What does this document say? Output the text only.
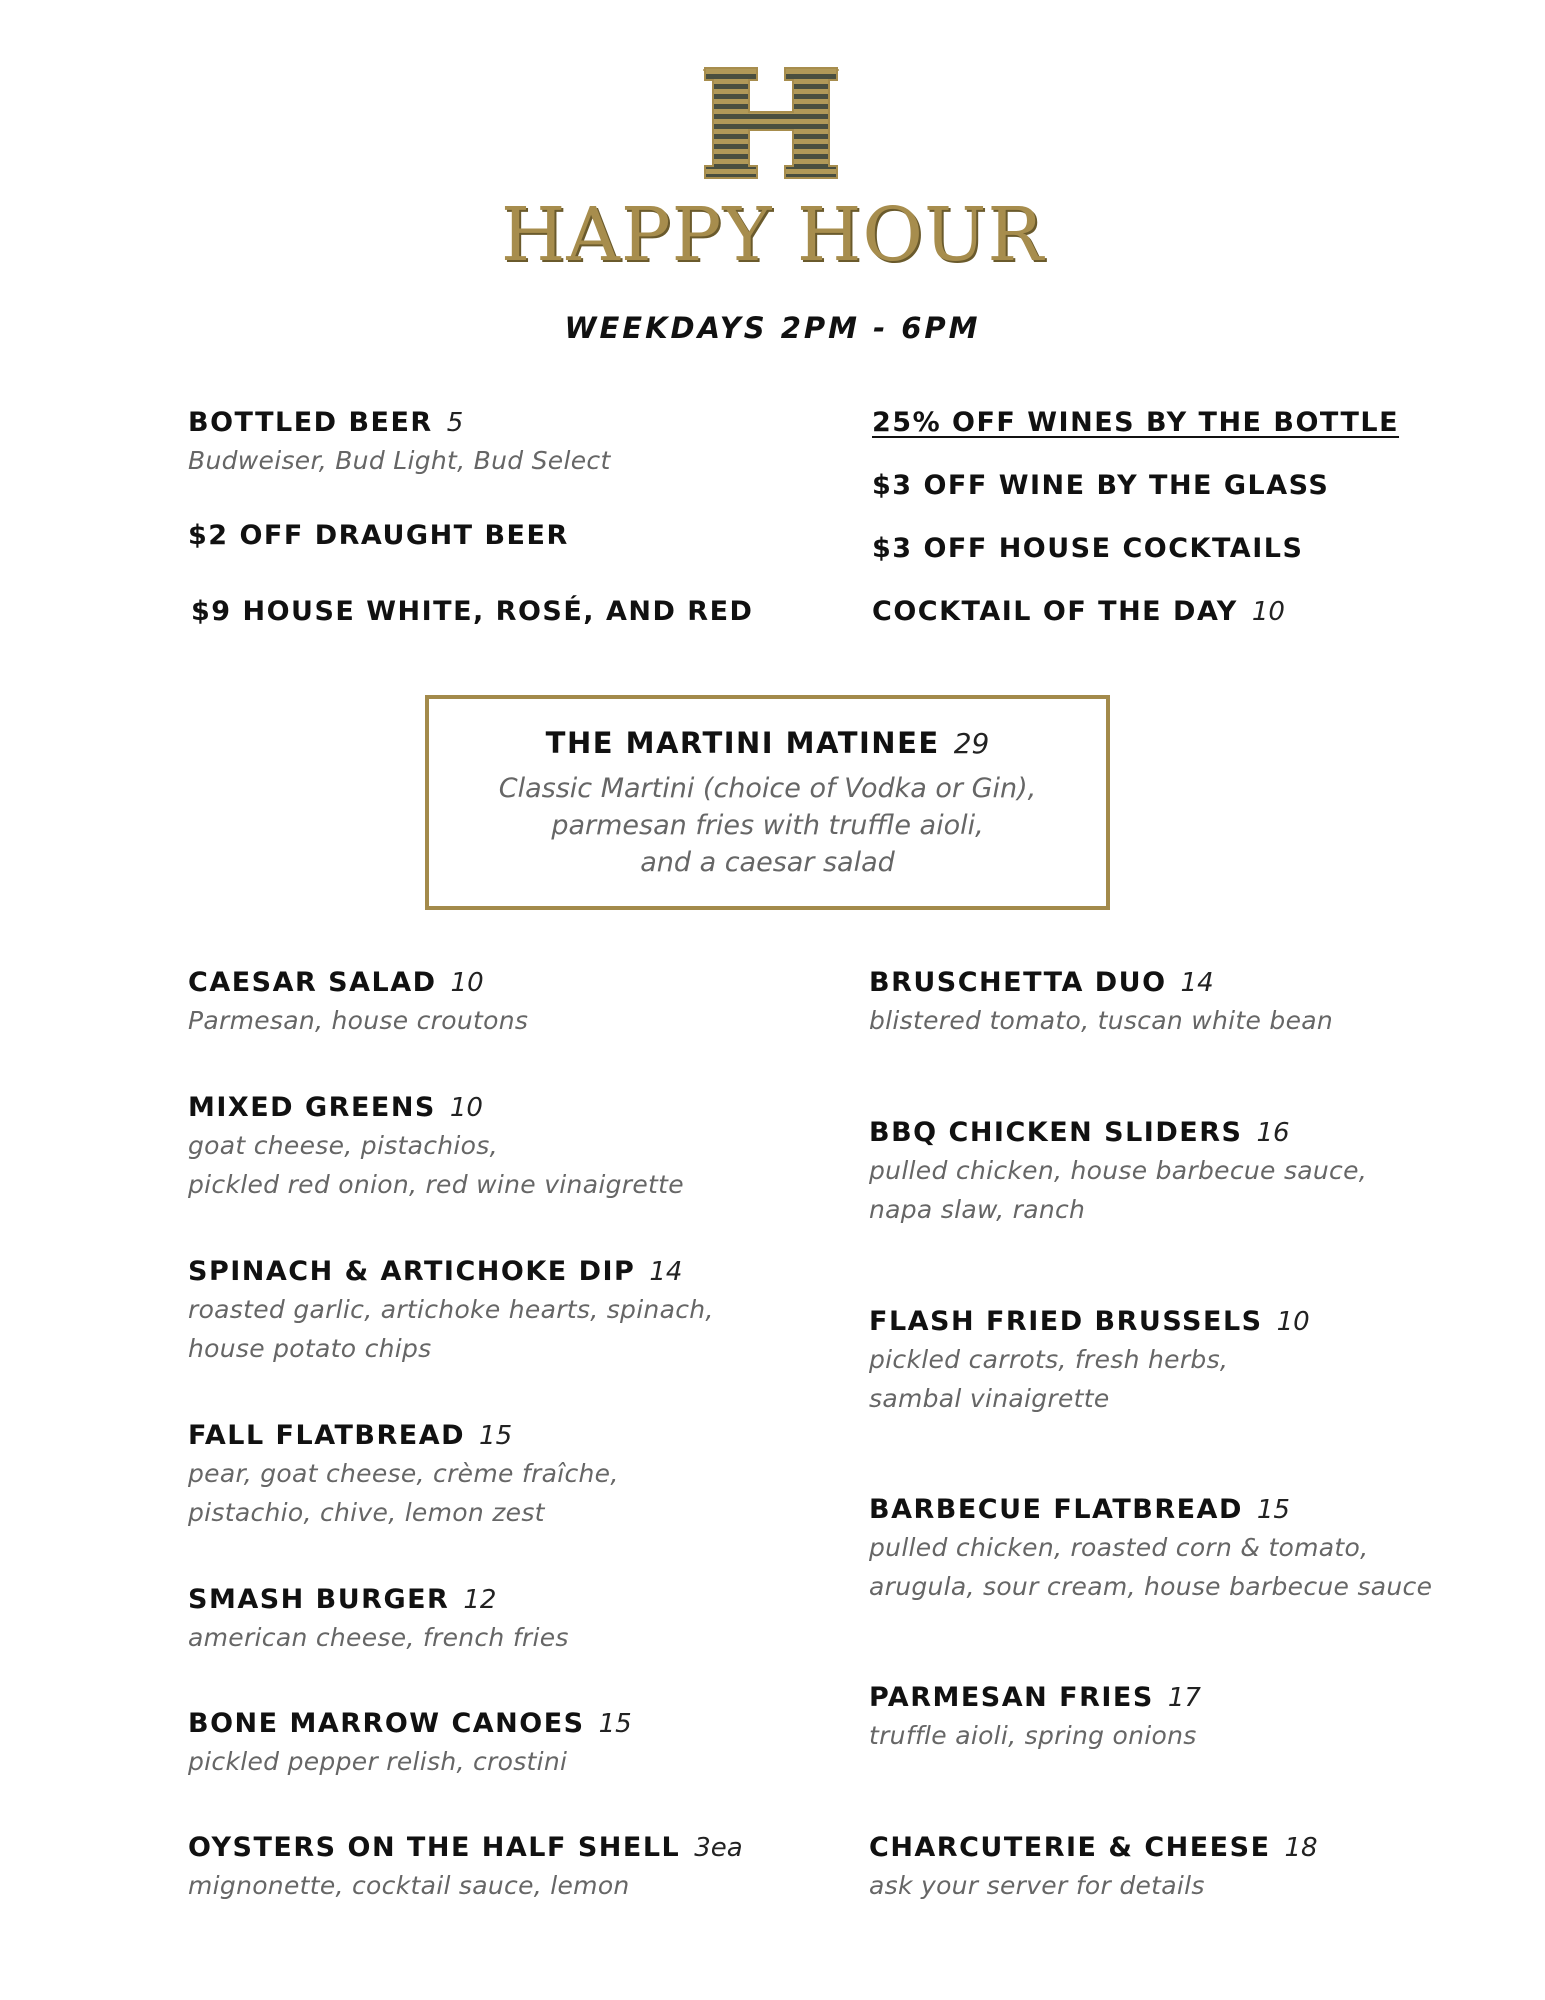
HAPPY HOUR
WEEKDAYS 2PM - 6PM
BOTTLED BEER 5
Budweiser, Bud Light, Bud Select
$2 OFF DRAUGHT BEER
$9 HOUSE WHITE, ROSÉ, AND RED
25% OFF WINES BY THE BOTTLE
$3 OFF WINE BY THE GLASS
$3 OFF HOUSE COCKTAILS
COCKTAIL OF THE DAY 10
THE MARTINI MATINEE 29
Classic Martini (choice of Vodka or Gin),
parmesan fries with truffle aioli,
and a caesar salad
CAESAR SALAD 10
Parmesan, house croutons
MIXED GREENS 10
goat cheese, pistachios,
pickled red onion, red wine vinaigrette
SPINACH & ARTICHOKE DIP 14
roasted garlic, artichoke hearts, spinach,
house potato chips
FALL FLATBREAD 15
pear, goat cheese, crème fraîche,
pistachio, chive, lemon zest
SMASH BURGER 12
american cheese, french fries
BONE MARROW CANOES 15
pickled pepper relish, crostini
OYSTERS ON THE HALF SHELL 3ea
mignonette, cocktail sauce, lemon
BRUSCHETTA DUO 14
blistered tomato, tuscan white bean
BBQ CHICKEN SLIDERS 16
pulled chicken, house barbecue sauce,
napa slaw, ranch
FLASH FRIED BRUSSELS 10
pickled carrots, fresh herbs,
sambal vinaigrette
BARBECUE FLATBREAD 15
pulled chicken, roasted corn & tomato,
arugula, sour cream, house barbecue sauce
PARMESAN FRIES 17
truffle aioli, spring onions
CHARCUTERIE & CHEESE 18
ask your server for details
